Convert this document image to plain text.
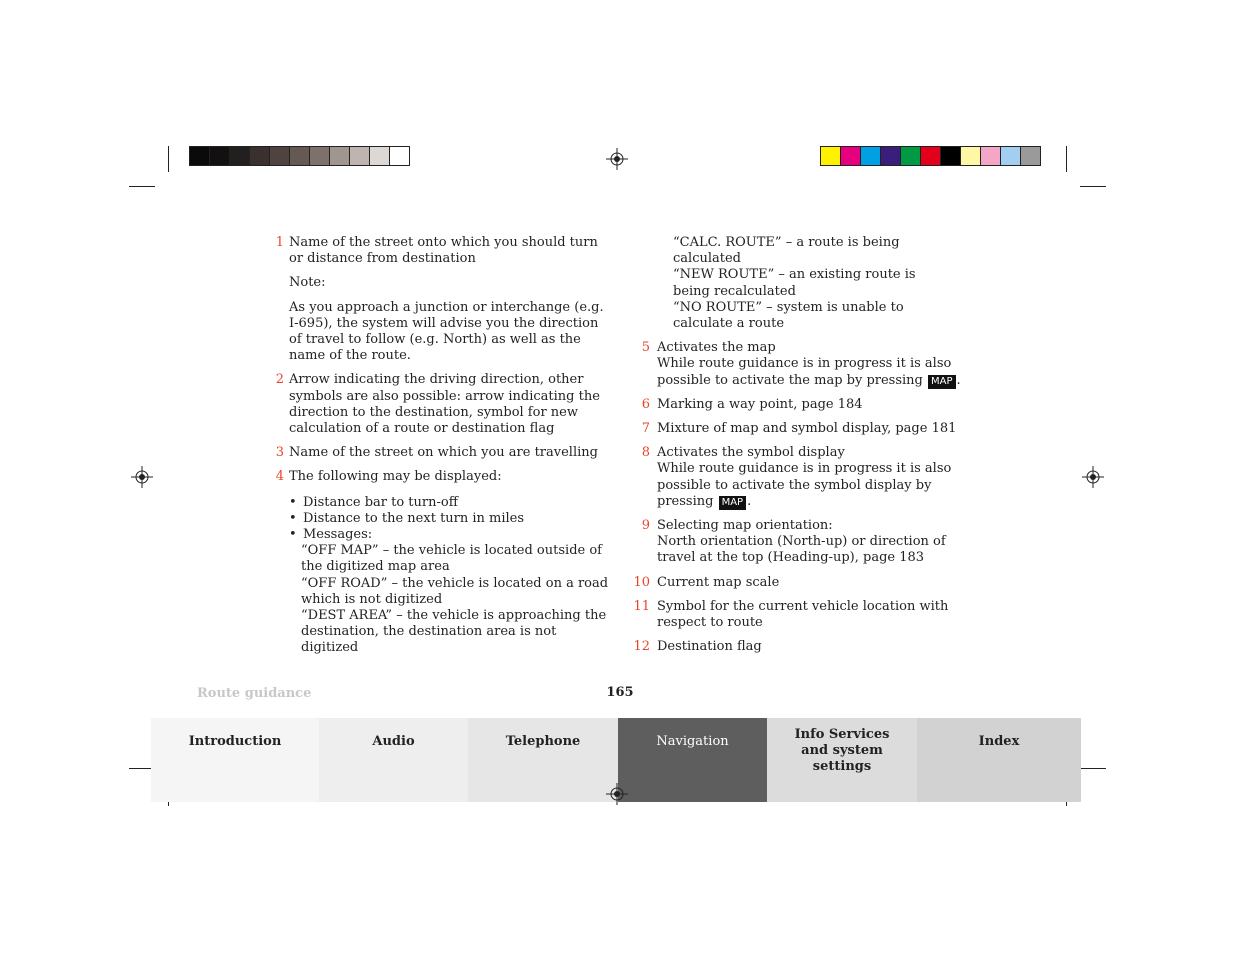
1 Name of the street onto which you should turn or distance from destination

Note:

As you approach a junction or interchange (e.g. I-695), the system will advise you the direction of travel to follow (e.g. North) as well as the name of the route.

2 Arrow indicating the driving direction, other symbols are also possible: arrow indicating the direction to the destination, symbol for new calculation of a route or destination flag
3 Name of the street on which you are travelling
4 The following may be displayed:
• Distance bar to turn-off
• Distance to the next turn in miles
• Messages:
“OFF MAP” – the vehicle is located outside of the digitized map area
“OFF ROAD” – the vehicle is located on a road which is not digitized
“DEST AREA” – the vehicle is approaching the destination, the destination area is not digitized
“CALC. ROUTE” – a route is being calculated
“NEW ROUTE” – an existing route is being recalculated
“NO ROUTE” – system is unable to calculate a route
5 Activates the map
While route guidance is in progress it is also possible to activate the map by pressing MAP .
6 Marking a way point, page 184
7 Mixture of map and symbol display, page 181
8 Activates the symbol display
While route guidance is in progress it is also possible to activate the symbol display by pressing MAP .
9 Selecting map orientation:
North orientation (North-up) or direction of travel at the top (Heading-up), page 183
10 Current map scale
11 Symbol for the current vehicle location with respect to route
12 Destination flag
Route guidance	165
Introduction	Audio	Telephone	Navigation	Info Services and system settings
Index
